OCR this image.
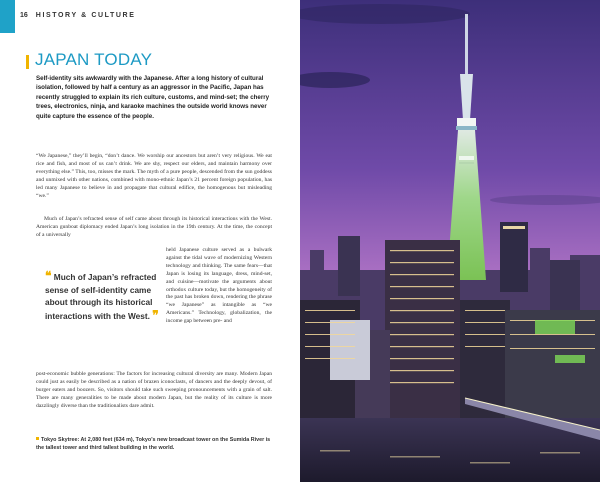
16 HISTORY & CULTURE
JAPAN TODAY

Self-identity sits awkwardly with the Japanese. After a long history of cultural isolation, followed by half a century as an aggressor in the Pacific, Japan has recently struggled to explain its rich culture, customs, and mind-set; the cherry trees, electronics, ninja, and karaoke machines the outside world knows never quite capture the essence of the people.

“We Japanese,” they’ll begin, “don’t dance. We worship our ancestors but aren’t very religious. We eat rice and fish, and most of us can’t drink. We are shy, respect our elders, and maintain harmony over everything else.” This, too, misses the mark. The myth of a pure people, descended from the sun goddess and unmixed with other nations, combined with mono-ethnic Japan’s 21 percent foreign population, has led many Japanese to believe in and propagate that cultural edifice, the homogenous but misleading “we.”

Much of Japan’s refracted sense of self came about through its historical interactions with the West. American gunboat diplomacy ended Japan’s long isolation in the 19th century. At the time, the concept of a universally

held Japanese culture served as a bulwark against the tidal wave of modernizing Western technology and thinking. The same fears—that Japan is losing its language, dress, mind-set, and cuisine—motivate the arguments about orthodox culture today, but the homogeneity of the past has broken down, rendering the phrase “we Japanese” as intangible as “we Americans.” Technology, globalization, the income gap between pre- and

post-economic bubble generations: The factors for increasing cultural diversity are many. Modern Japan could just as easily be described as a nation of brazen iconoclasts, of dancers and the deeply devout, of burger eaters and boozers. So, visitors should take such sweeping pronouncements with a grain of salt. There are many generalities to be made about modern Japan, but the reality of its culture is more dazzlingly diverse than the traditionalists dare admit.

❝ Much of Japan’s refracted sense of self-identity came about through its historical interactions with the West. ❞

Tokyo Skytree: At 2,080 feet (634 m), Tokyo’s new broadcast tower on the Sumida River is the tallest tower and third tallest building in the world.
